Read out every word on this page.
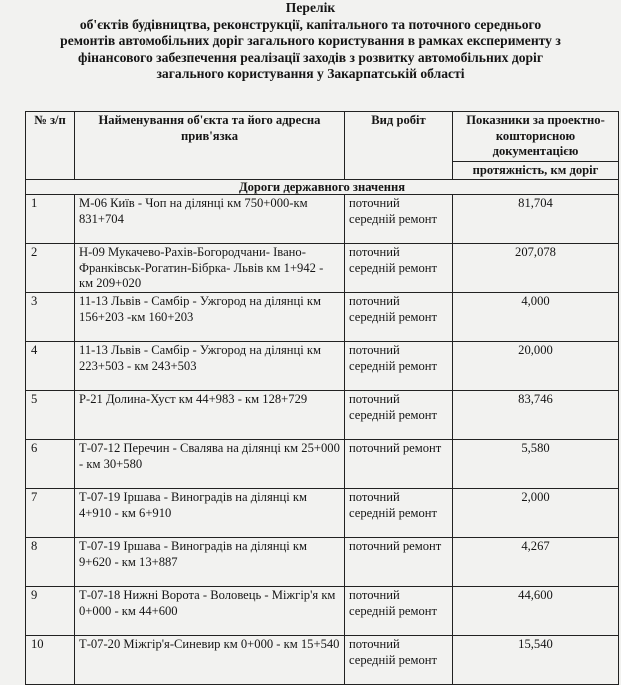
Перелік
об'єктів будівництва, реконструкції, капітального та поточного середнього
ремонтів автомобільних доріг загального користування в рамках експерименту з
фінансового забезпечення реалізації заходів з розвитку автомобільних доріг
загального користування у Закарпатській області
№ з/п	Найменування об'єкта та його адресна прив'язка	Вид робіт	Показники за проектно-кошторисною документацією
			протяжність, км доріг
Дороги державного значення			
1	М-06 Київ - Чоп на ділянці км 750+000-км 831+704	поточний середній ремонт	81,704
2	Н-09 Мукачево-Рахів-Богородчани- Івано-Франківськ-Рогатин-Бібрка- Львів км 1+942 - км 209+020	поточний середній ремонт	207,078
3	11-13 Львів - Самбір - Ужгород на ділянці км 156+203 -км 160+203	поточний середній ремонт	4,000
4	11-13 Львів - Самбір - Ужгород на ділянці км 223+503 - км 243+503	поточний середній ремонт	20,000
5	Р-21 Долина-Хуст км 44+983 - км 128+729	поточний середній ремонт	83,746
6	Т-07-12 Перечин - Свалява на ділянці км 25+000 - км 30+580	поточний ремонт	5,580
7	Т-07-19 Іршава - Виноградів на ділянці км 4+910 - км 6+910	поточний середній ремонт	2,000
8	Т-07-19 Іршава - Виноградів на ділянці км 9+620 - км 13+887	поточний ремонт	4,267
9	Т-07-18 Нижні Ворота - Воловець - Міжгір'я км 0+000 - км 44+600	поточний середній ремонт	44,600
10	Т-07-20 Міжгір'я-Синевир км 0+000 - км 15+540	поточний середній ремонт	15,540
